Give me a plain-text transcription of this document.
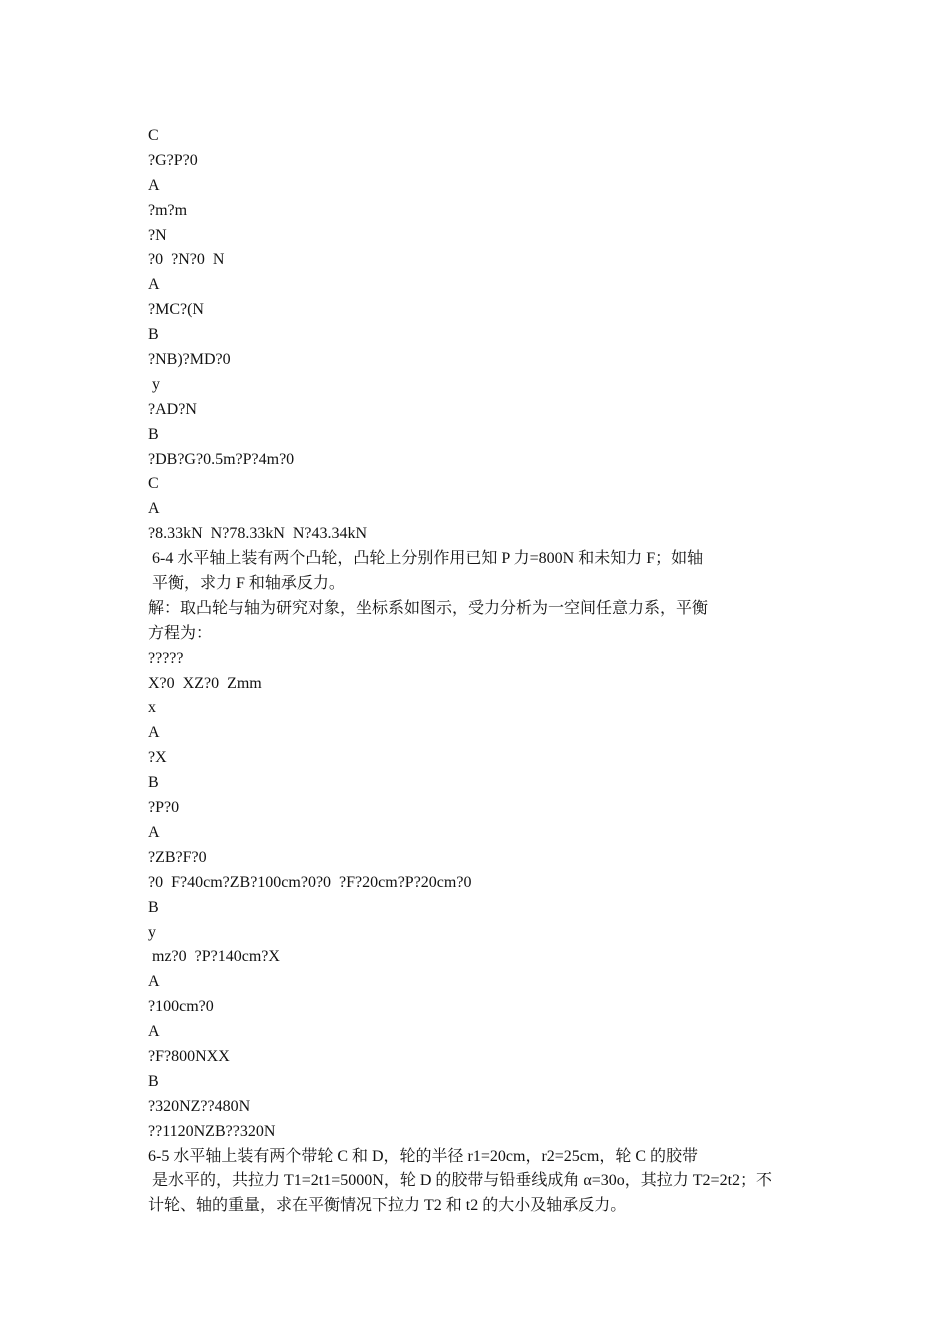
C
?G?P?0
A
?m?m
?N
?0  ?N?0  N
A
?MC?(N
B
?NB)?MD?0
y
?AD?N
B
?DB?G?0.5m?P?4m?0
C
A
?8.33kN  N?78.33kN  N?43.34kN
6-4 水平轴上装有两个凸轮，凸轮上分别作用已知 P 力=800N 和未知力 F；如轴
平衡，求力 F 和轴承反力。
解：取凸轮与轴为研究对象，坐标系如图示，受力分析为一空间任意力系，平衡
方程为：
?????
X?0  XZ?0  Zmm
x
A
?X
B
?P?0
A
?ZB?F?0
?0  F?40cm?ZB?100cm?0?0  ?F?20cm?P?20cm?0
B
y
mz?0  ?P?140cm?X
A
?100cm?0
A
?F?800NXX
B
?320NZ??480N
??1120NZB??320N
6-5 水平轴上装有两个带轮 C 和 D，轮的半径 r1=20cm，r2=25cm，轮 C 的胶带
是水平的，共拉力 T1=2t1=5000N，轮 D 的胶带与铅垂线成角 α=30o，其拉力 T2=2t2；不
计轮、轴的重量，求在平衡情况下拉力 T2 和 t2 的大小及轴承反力。
